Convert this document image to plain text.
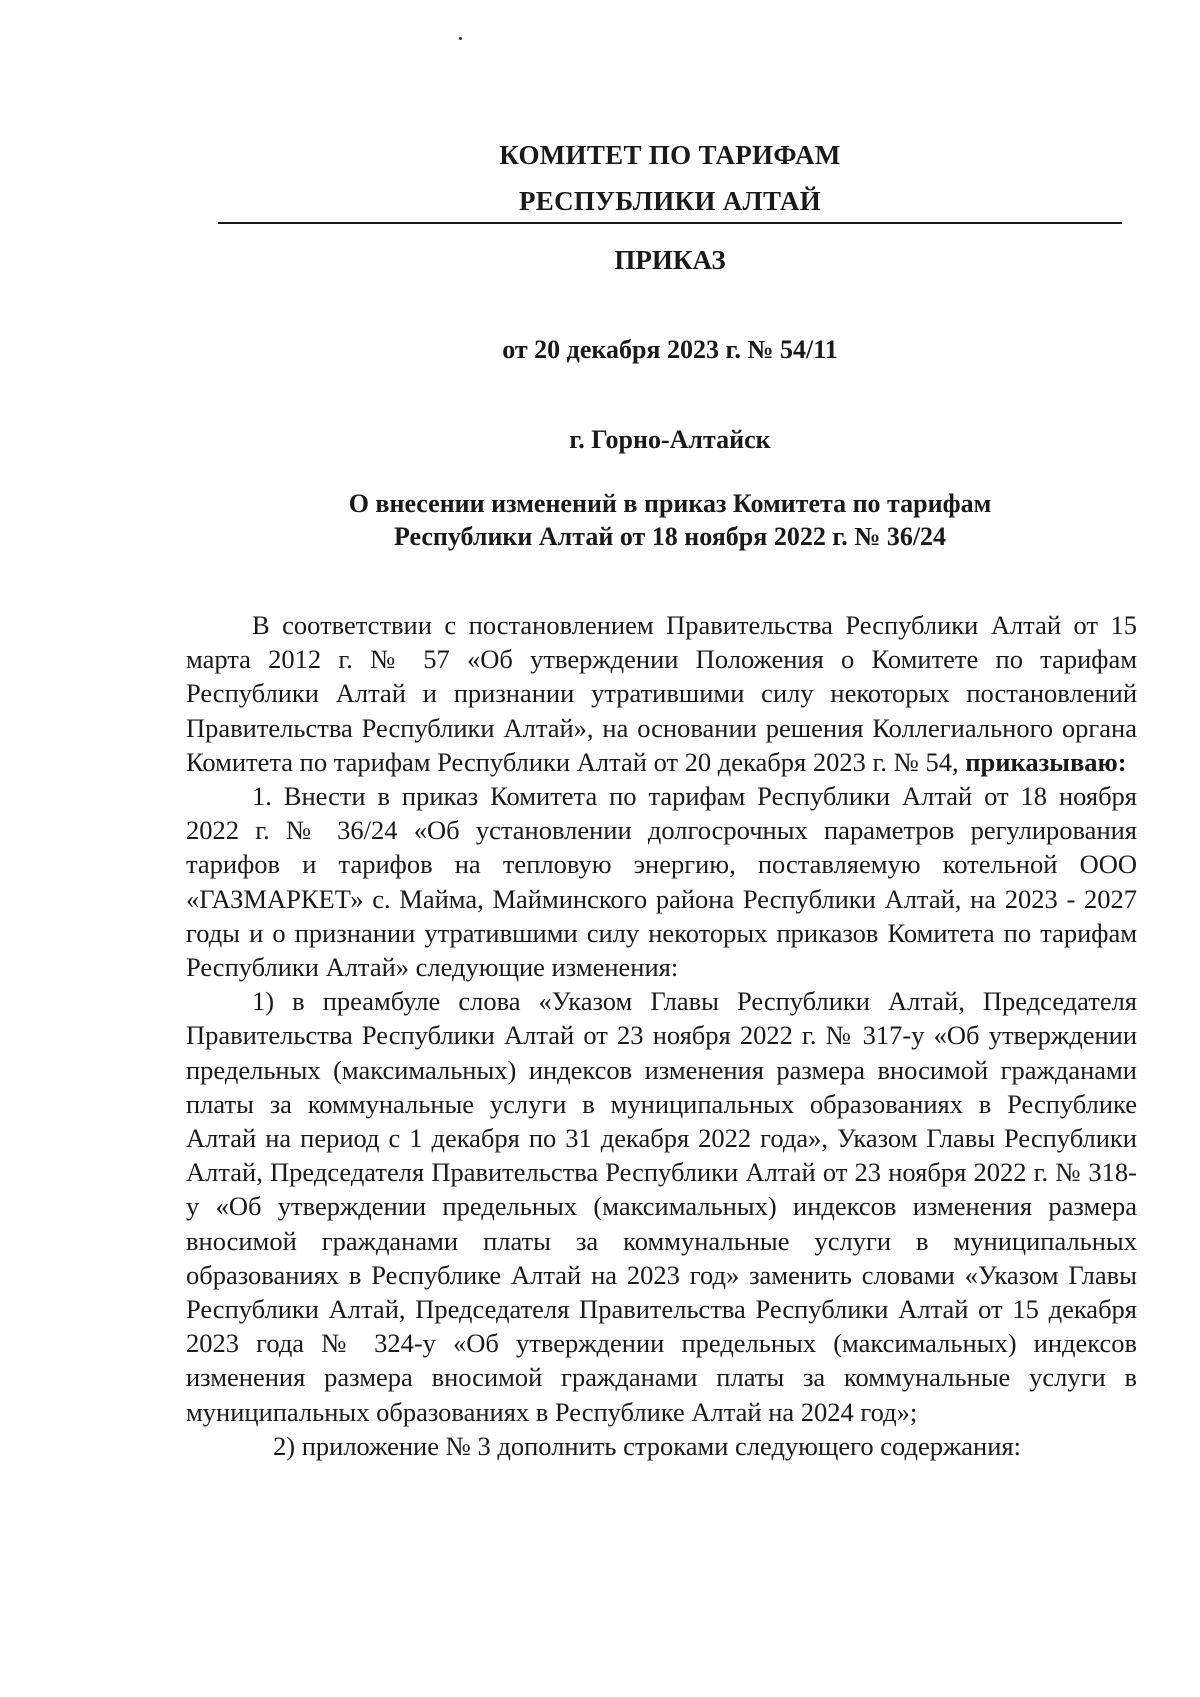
КОМИТЕТ ПО ТАРИФАМ
РЕСПУБЛИКИ АЛТАЙ
ПРИКАЗ
от 20 декабря 2023 г. № 54/11
г. Горно-Алтайск
О внесении изменений в приказ Комитета по тарифам
Республики Алтай от 18 ноября 2022 г. № 36/24

В соответствии с постановлением Правительства Республики Алтай от 15 марта 2012 г. № 57 «Об утверждении Положения о Комитете по тарифам Республики Алтай и признании утратившими силу некоторых постановлений Правительства Республики Алтай», на основании решения Коллегиального органа Комитета по тарифам Республики Алтай от 20 декабря 2023 г. № 54, приказываю:

1. Внести в приказ Комитета по тарифам Республики Алтай от 18 ноября 2022 г. № 36/24 «Об установлении долгосрочных параметров регулирования тарифов и тарифов на тепловую энергию, поставляемую котельной ООО «ГАЗМАРКЕТ» с. Майма, Майминского района Республики Алтай, на 2023 - 2027 годы и о признании утратившими силу некоторых приказов Комитета по тарифам Республики Алтай» следующие изменения:

1) в преамбуле слова «Указом Главы Республики Алтай, Председателя Правительства Республики Алтай от 23 ноября 2022 г. № 317-у «Об утверждении предельных (максимальных) индексов изменения размера вносимой гражданами платы за коммунальные услуги в муниципальных образованиях в Республике Алтай на период с 1 декабря по 31 декабря 2022 года», Указом Главы Республики Алтай, Председателя Правительства Республики Алтай от 23 ноября 2022 г. № 318-у «Об утверждении предельных (максимальных) индексов изменения размера вносимой гражданами платы за коммунальные услуги в муниципальных образованиях в Республике Алтай на 2023 год» заменить словами «Указом Главы Республики Алтай, Председателя Правительства Республики Алтай от 15 декабря 2023 года № 324-у «Об утверждении предельных (максимальных) индексов изменения размера вносимой гражданами платы за коммунальные услуги в муниципальных образованиях в Республике Алтай на 2024 год»;

2) приложение № 3 дополнить строками следующего содержания:
